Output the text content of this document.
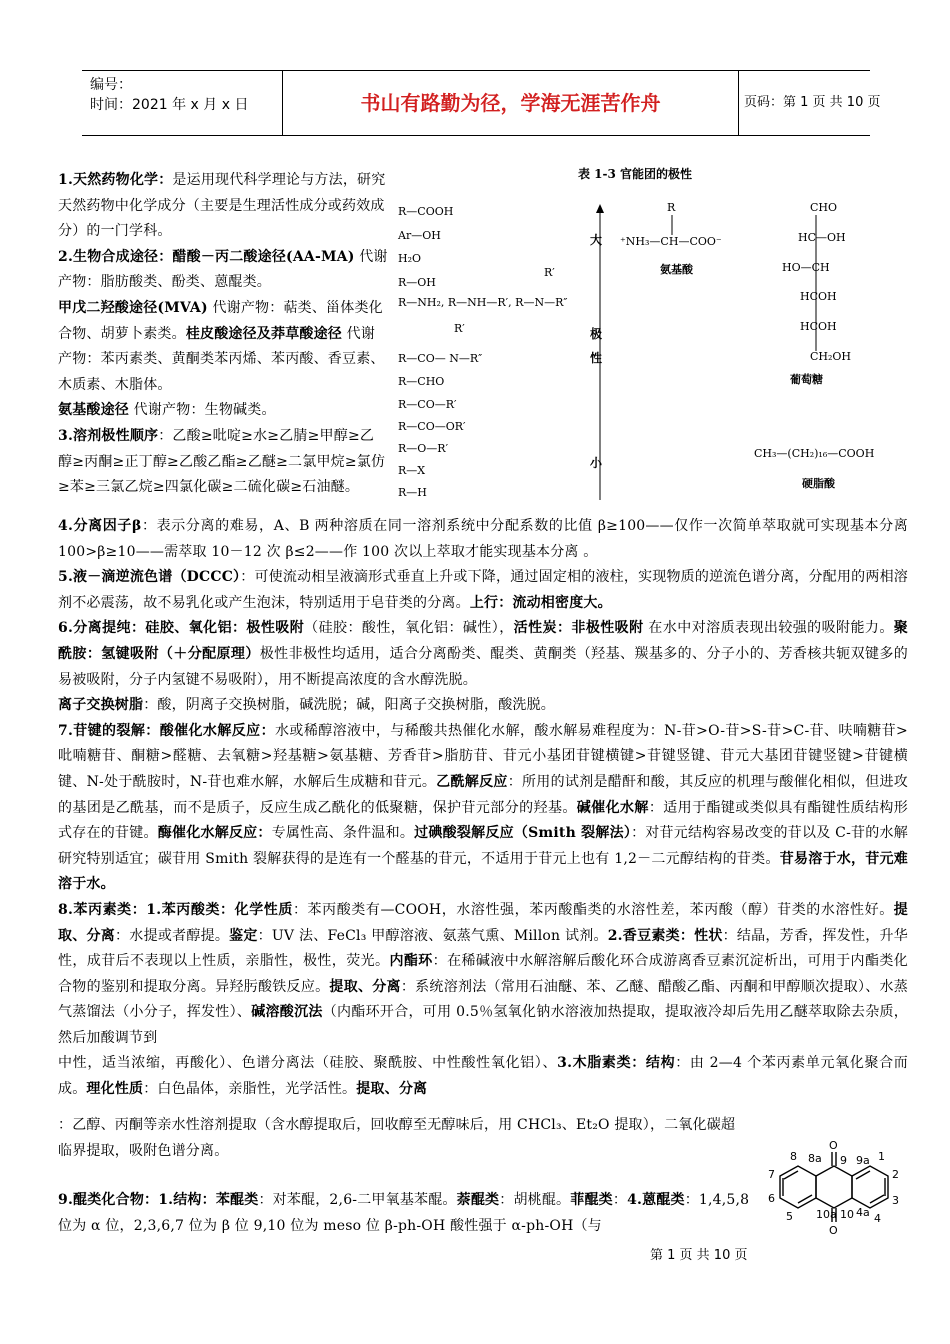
编号：
时间：2021 年 x 月 x 日	书山有路勤为径，学海无涯苦作舟	页码：第 1 页 共 10 页
1.天然药物化学：是运用现代科学理论与方法，研究天然药物中化学成分（主要是生理活性成分或药效成分）的一门学科。
2.生物合成途径：醋酸－丙二酸途径(AA-MA) 代谢产物：脂肪酸类、酚类、蒽醌类。
甲戊二羟酸途径(MVA) 代谢产物：萜类、甾体类化合物、胡萝卜素类。桂皮酸途径及莽草酸途径 代谢产物：苯丙素类、黄酮类苯丙烯、苯丙酸、香豆素、木质素、木脂体。
氨基酸途径 代谢产物：生物碱类。
3.溶剂极性顺序：乙酸≥吡啶≥水≥乙腈≥甲醇≥乙醇≥丙酮≥正丁醇≥乙酸乙酯≥乙醚≥二氯甲烷≥氯仿≥苯≥三氯乙烷≥四氯化碳≥二硫化碳≥石油醚。
表 1-3 官能团的极性
R—COOH
Ar—OH
H₂O
R—OH
R′
R—NH₂, R—NH—R′, R—N—R″
R′
R—CO— N—R″
R—CHO
R—CO—R′
R—CO—OR′
R—O—R′
R—X
R—H
大
极
性
小
R
⁺NH₃—CH—COO⁻
氨基酸
CHO
HC—OH
HO—CH
HCOH
HCOH
CH₂OH
葡萄糖
CH₃—(CH₂)₁₆—COOH
硬脂酸
4.分离因子β：表示分离的难易，A、B 两种溶质在同一溶剂系统中分配系数的比值 β≥100——仅作一次简单萃取就可实现基本分离 100>β≥10——需萃取 10－12 次 β≤2——作 100 次以上萃取才能实现基本分离 。
5.液－滴逆流色谱（DCCC）：可使流动相呈液滴形式垂直上升或下降，通过固定相的液柱，实现物质的逆流色谱分离，分配用的两相溶剂不必震荡，故不易乳化或产生泡沫，特别适用于皂苷类的分离。上行：流动相密度大。
6.分离提纯：硅胶、氧化铝：极性吸附（硅胶：酸性，氧化铝：碱性），活性炭：非极性吸附 在水中对溶质表现出较强的吸附能力。聚酰胺：氢键吸附（＋分配原理）极性非极性均适用，适合分离酚类、醌类、黄酮类（羟基、羰基多的、分子小的、芳香核共轭双键多的易被吸附，分子内氢键不易吸附），用不断提高浓度的含水醇洗脱。
离子交换树脂：酸，阴离子交换树脂，碱洗脱；碱，阳离子交换树脂，酸洗脱。
7.苷键的裂解：酸催化水解反应：水或稀醇溶液中，与稀酸共热催化水解，酸水解易难程度为：N-苷>O-苷>S-苷>C-苷、呋喃糖苷>吡喃糖苷、酮糖>醛糖、去氧糖>羟基糖>氨基糖、芳香苷>脂肪苷、苷元小基团苷键横键>苷键竖键、苷元大基团苷键竖键>苷键横键、N-处于酰胺时，N-苷也难水解，水解后生成糖和苷元。乙酰解反应：所用的试剂是醋酐和酸，其反应的机理与酸催化相似，但进攻的基团是乙酰基，而不是质子，反应生成乙酰化的低聚糖，保护苷元部分的羟基。碱催化水解：适用于酯键或类似具有酯键性质结构形式存在的苷键。酶催化水解反应：专属性高、条件温和。过碘酸裂解反应（Smith 裂解法）：对苷元结构容易改变的苷以及 C-苷的水解研究特别适宜；碳苷用 Smith 裂解获得的是连有一个醛基的苷元，不适用于苷元上也有 1,2－二元醇结构的苷类。苷易溶于水，苷元难溶于水。
8.苯丙素类：1.苯丙酸类：化学性质：苯丙酸类有—COOH，水溶性强，苯丙酸酯类的水溶性差，苯丙酸（醇）苷类的水溶性好。提取、分离：水提或者醇提。鉴定：UV 法、FeCl₃ 甲醇溶液、氨蒸气熏、Millon 试剂。2.香豆素类：性状：结晶，芳香，挥发性，升华性，成苷后不表现以上性质，亲脂性，极性，荧光。内酯环：在稀碱液中水解溶解后酸化环合成游离香豆素沉淀析出，可用于内酯类化合物的鉴别和提取分离。异羟肟酸铁反应。提取、分离：系统溶剂法（常用石油醚、苯、乙醚、醋酸乙酯、丙酮和甲醇顺次提取）、水蒸气蒸馏法（小分子，挥发性）、碱溶酸沉法（内酯环开合，可用 0.5％氢氧化钠水溶液加热提取，提取液冷却后先用乙醚萃取除去杂质，然后加酸调节到
中性，适当浓缩，再酸化）、色谱分离法（硅胶、聚酰胺、中性酸性氧化铝）、3.木脂素类：结构：由 2—4 个苯丙素单元氧化聚合而成。理化性质：白色晶体，亲脂性，光学活性。提取、分离
：乙醇、丙酮等亲水性溶剂提取（含水醇提取后，回收醇至无醇味后，用 CHCl₃、Et₂O 提取），二氧化碳超临界提取，吸附色谱分离。
9.醌类化合物：1.结构：苯醌类：对苯醌，2,6-二甲氧基苯醌。萘醌类：胡桃醌。菲醌类：4.蒽醌类：1,4,5,8 位为 α 位，2,3,6,7 位为 β 位 9,10 位为 meso 位 β-ph-OH 酸性强于 α-ph-OH（与
O
O
8 8a 9 9a 1
2
3
4
4a
10
10a
5
6
7
第 1 页 共 10 页
